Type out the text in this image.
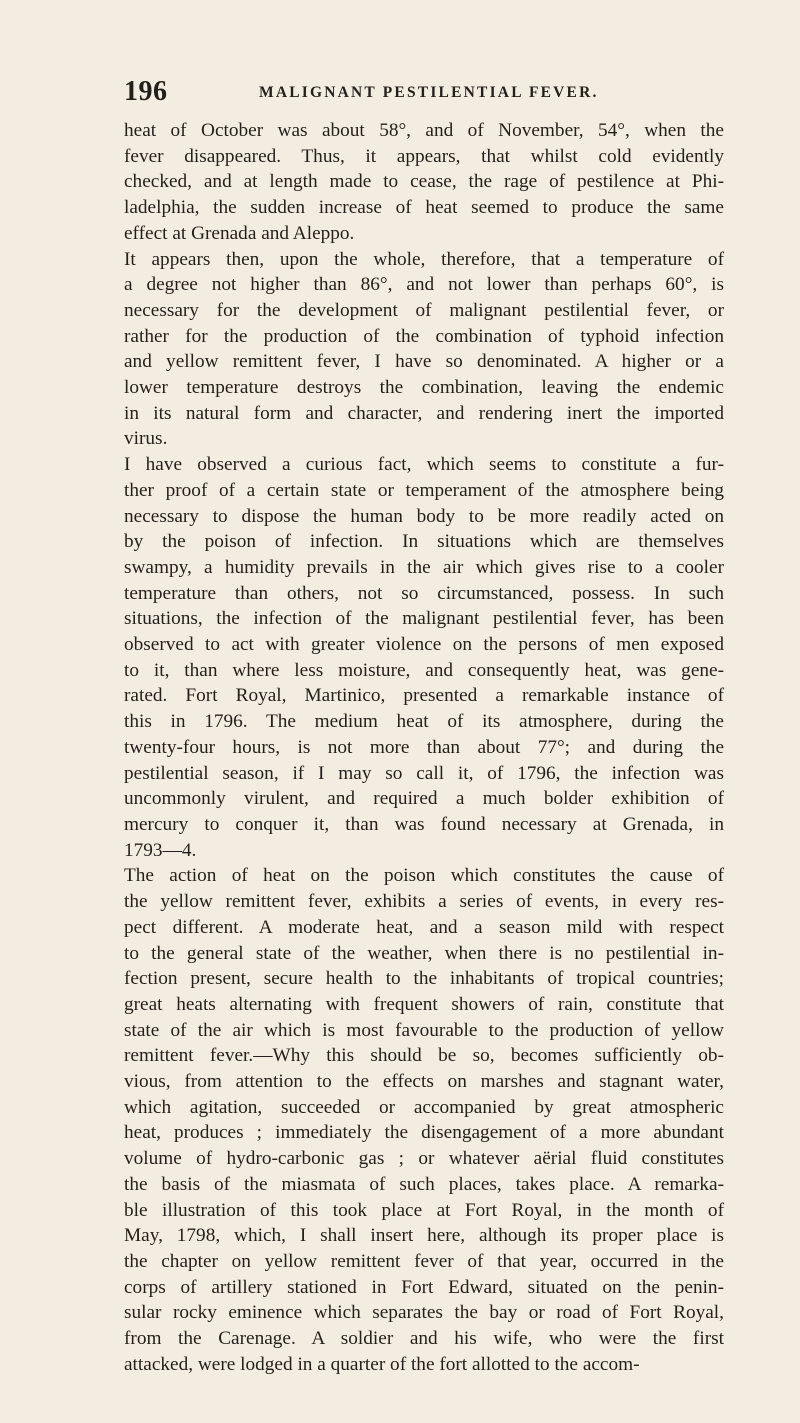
196	MALIGNANT PESTILENTIAL FEVER.

heat of October was about 58°, and of November, 54°, when the
fever disappeared. Thus, it appears, that whilst cold evidently
checked, and at length made to cease, the rage of pestilence at Phi-
ladelphia, the sudden increase of heat seemed to produce the same
effect at Grenada and Aleppo.

It appears then, upon the whole, therefore, that a temperature of
a degree not higher than 86°, and not lower than perhaps 60°, is
necessary for the development of malignant pestilential fever, or
rather for the production of the combination of typhoid infection
and yellow remittent fever, I have so denominated. A higher or a
lower temperature destroys the combination, leaving the endemic
in its natural form and character, and rendering inert the imported
virus.

I have observed a curious fact, which seems to constitute a fur-
ther proof of a certain state or temperament of the atmosphere being
necessary to dispose the human body to be more readily acted on
by the poison of infection. In situations which are themselves
swampy, a humidity prevails in the air which gives rise to a cooler
temperature than others, not so circumstanced, possess. In such
situations, the infection of the malignant pestilential fever, has been
observed to act with greater violence on the persons of men exposed
to it, than where less moisture, and consequently heat, was gene-
rated. Fort Royal, Martinico, presented a remarkable instance of
this in 1796. The medium heat of its atmosphere, during the
twenty-four hours, is not more than about 77°; and during the
pestilential season, if I may so call it, of 1796, the infection was
uncommonly virulent, and required a much bolder exhibition of
mercury to conquer it, than was found necessary at Grenada, in
1793—4.

The action of heat on the poison which constitutes the cause of
the yellow remittent fever, exhibits a series of events, in every res-
pect different. A moderate heat, and a season mild with respect
to the general state of the weather, when there is no pestilential in-
fection present, secure health to the inhabitants of tropical countries;
great heats alternating with frequent showers of rain, constitute that
state of the air which is most favourable to the production of yellow
remittent fever.—Why this should be so, becomes sufficiently ob-
vious, from attention to the effects on marshes and stagnant water,
which agitation, succeeded or accompanied by great atmospheric
heat, produces ; immediately the disengagement of a more abundant
volume of hydro-carbonic gas ; or whatever aërial fluid constitutes
the basis of the miasmata of such places, takes place. A remarka-
ble illustration of this took place at Fort Royal, in the month of
May, 1798, which, I shall insert here, although its proper place is
the chapter on yellow remittent fever of that year, occurred in the
corps of artillery stationed in Fort Edward, situated on the penin-
sular rocky eminence which separates the bay or road of Fort Royal,
from the Carenage. A soldier and his wife, who were the first
attacked, were lodged in a quarter of the fort allotted to the accom-
